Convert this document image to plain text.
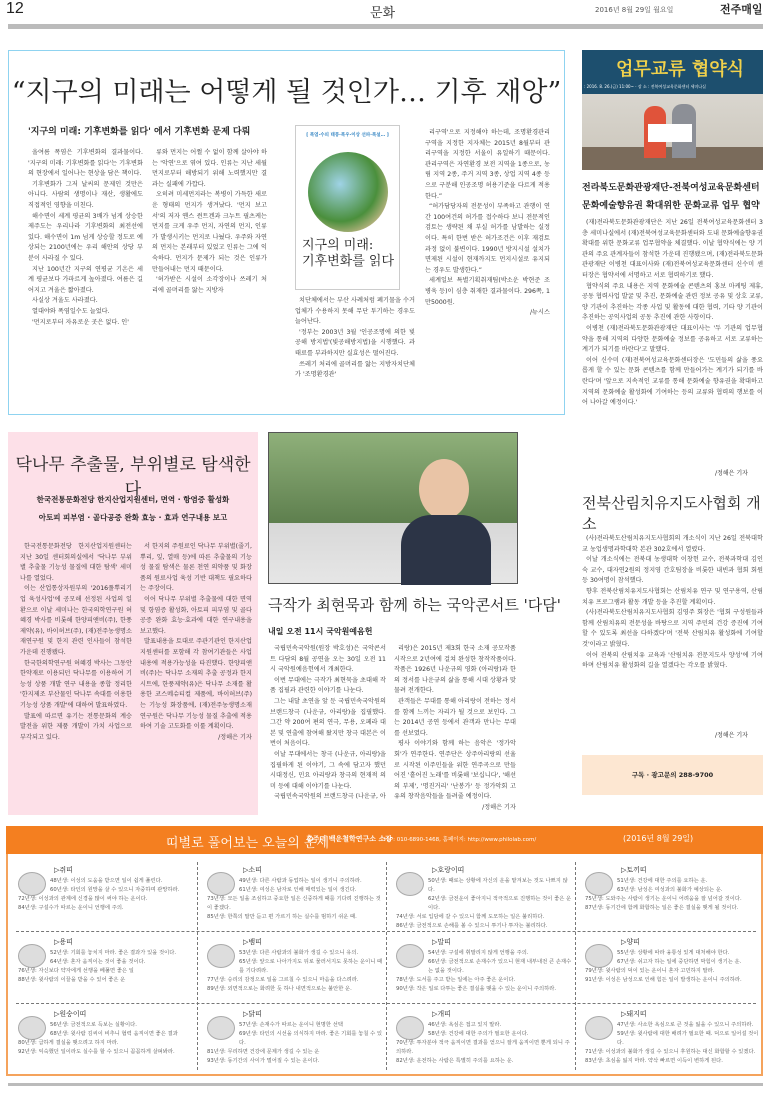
12	문화	2016년 8월 29일 월요일	전주매일
“지구의 미래는 어떻게 될 것인가… 기후 재앙”
'지구의 미래: 기후변화를 읽다' 에서 기후변화 문제 다뤄

올여름 폭염은 기후변화의 결과물이다. '지구의 미래: 기후변화를 읽다'는 기후변화의 현장에서 일어나는 현상을 담은 책이다.

기후변화가 그저 날씨의 문제인 것만은 아니다. 사람의 생명이나 재산, 생활에도 직접적인 영향을 미친다.

해수면이 세계 평균의 3배가 넘게 상승한 제주도는 우리나라 기후변화의 최전선에 있다. 해수면이 1m 넘게 상승할 정도로 예상되는 2100년에는 우리 해안의 상당 부분이 사라질 수 있다.

지난 100년간 지구의 연평균 기온은 세계 평균보다 가파르게 높아졌다. 여름은 길어지고 겨울은 짧아졌다.

사실상 겨울도 사라졌다.

열대야와 폭염일수도 늘었다.

'먼지로부터 자유로운 곳은 없다. 인'

류와 먼지는 어쩔 수 없이 함께 살아야 하는 '악연'으로 엮여 있다. 인류는 지난 세월 먼지로부터 해방되기 위해 노력했지만 결과는 실패에 가깝다.

오히려 미세먼지라는 복병이 가득한 새로운 형태의 먼지가 생겨났다. '먼지 보고서'의 저자 옌스 쥔트겐과 크누트 필츠케는 먼지를 크게 우주 먼지, 자연의 먼지, 인류가 발생시키는 먼지로 나눴다. 우주와 자연의 먼지는 본래부터 있었고 인류는 그에 익숙하다. 먼지가 문제가 되는 것은 인류가 만들어내는 먼지 때문이다.

'허가받은 시설이 소각장이나 쓰레기 처리에 골머리를 앓는 지방자

[ 폭염·수피 태풍·폭우·이상 선파·폭설… ]
지구의 미래:
기후변화를 읽다

치단체에서는 부산 사례처럼 폐기물을 수거 업체가 수용하지 못해 무단 투기하는 경우도 늘어난다.

'정부는 2003년 3월 '인공조명에 의한 빛공해 방지법'(빛공해방지법)을 시행했다. 과태료를 부과하지만 실효성은 떨어진다.

쓰레기 처리에 골머리를 앓는 지방자치단체가 '조명환경관'

리구역'으로 지정해야 하는데, 조명환경관리구역을 지정한 지자체는 2015년 8월부터 관리구역을 지정한 서울이 유일하기 때문이다. 관리구역은 자연환경 보전 지역을 1종으로, 농림 지역 2종, 주거 지역 3종, 상업 지역 4종 등으로 구분해 인공조명 허용기준을 다르게 적용한다.”

“허가담당자의 전문성이 부족하고 관행이 연간 100여건의 허가를 접수하다 보니 전문적인 검토는 생략된 채 부실 허가를 남발하는 실정이다. 특히 한번 받은 허가조건은 이후 재검토 과정 없이 불변이다. 1990년 방지시설 설치가 면제된 시설이 현재까지도 먼지시설로 유지되는 경우도 발생한다.”

세계일보 특별기획취재팀(박소운 박현준 조병욱 등)이 심층 취재한 결과물이다. 296쪽, 1만5000원.

/뉴시스

업무교류 협약식
: 2016. 8. 26.(금) 11:00~ · 장 소 : 전북여성교육문화센터 세미나실
전라북도문화관광재단-전북여성교육문화센터
문화예술향유권 확대위한 문화교류 업무 협약

(재)전라북도문화관광재단은 지난 26일 전북여성교육문화센터 3층 세미나실에서 (재)전북여성교육문화센터와 도내 문화예술향유권 확대를 위한 문화교류 업무협약을 체결했다. 이날 협약식에는 양 기관의 주요 관계자들이 참석한 가운데 진행됐으며, (재)전라북도문화관광재단 이병천 대표이사와 (재)전북여성교육문화센터 신수미 센터장은 협약서에 서명하고 서로 협력하기로 했다.

협약식의 주요 내용은 지역 문화예술 콘텐츠의 홍보 마케팅 제휴, 공동 협력사업 발굴 및 추진, 문화예술 관련 정보 공유 및 상호 교류, 양 기관이 추진하는 각종 사업 및 활동에 대한 협력, 기타 양 기관이 추진하는 공익사업의 공동 추진에 관한 사항이다.

이병천 (재)전라북도문화관광재단 대표이사는 '두 기관의 업무협약을 통해 지역의 다양한 문화예술 정보를 공유하고 서로 교류하는 계기가 되기를 바란다'고 말했다.

이어 신수미 (재)전북여성교육문화센터장은 '도민들의 삶을 풍요롭게 할 수 있는 문화 콘텐츠를 함께 만들어가는 계기가 되기를 바란다'며 '앞으로 지속적인 교류를 통해 문화예술 향유권을 확대하고 지역의 문화예술 활성화에 기여하는 등의 교류와 협력의 행보를 이어 나아갈 예정이다.'

/정해은 기자
전북산림치유지도사협회 개소

(사)전라북도산림치유지도사협회의 개소식이 지난 26일 전북대학교 농업생명과학대학 본관 302호에서 열렸다.

이날 개소식에는 전북대 농생대학 이창헌 교수, 전북과학대 김인숙 교수, 대자연2원의 정지영 간호팀장을 비롯한 내빈과 협회 회원 등 30여명이 참석했다.

향후 전북산림치유지도사협회는 산림치유 연구 및 연구용역, 산림치유 프로그램과 활동 개발 등을 추진할 계획이다.

(사)전라북도산림치유지도사협회 김영주 회장은 '협회 구성원들과 함께 산림치유의 전문성을 바탕으로 지역 주민의 건강 증진에 기여할 수 있도록 최선을 다하겠다'며 '전북 산림치유 활성화에 기여할 것'이라고 밝혔다.

이어 전북의 산림치유 교육과 '산림치유 전문지도사 양성'에 기여하며 산림치유 활성화의 길을 열겠다는 각오를 밝혔다.

/정해은 기자
구독 · 광고문의 288-9700
닥나무 추출물, 부위별로 탐색한다
한국전통문화전당 한지산업지원센터, 면역 · 항염증 활성화
아토피 피부염 · 골다공증 완화 효능 · 효과 연구내용 보고

한국전통문화전당 한지산업지원센터는 지난 30일 센터회의실에서 '닥나무 부위별 추출물 기능성 물질에 대한 탐색' 세미나를 열었다.

이는 산업통상자원부의 '2016풀뿌리기업 육성사업'에 공모해 선정된 사업의 일환으로 이날 세미나는 한국의학연구원 허혜경 박사를 비롯해 한양피앤비(주), 한풍제약(유), 바이허브(주), (재)전주농생명소재연구원 및 한지 관련 인사들이 참석한 가운데 진행됐다.

한국한의학연구원 허혜경 박사는 그동안 한약재로 이용되던 닥나무를 이용하여 기능성 상품 개발 연구 내용을 종합 정리한 '한지제조 부산물인 닥나무 속대를 이용한 기능성 상품 개발'에 대하여 발표하였다.

발표에 따르면 유기는 전통문화의 계승 발전을 위한 제품 개발이 가치 사업으로 부각되고 있다.

서 한지의 주원료인 닥나무 부위별(줄기, 뿌리, 잎, 열매 등)에 따른 추출물의 기능성 물질 탐색은 물론 천연 의약품 및 화장품의 원료사업 육성 기반 대책도 필요하다는 주장이다.

이어 닥나무 부위별 추출물에 대한 면역 및 항염증 활성화, 아토피 피부염 및 골다공증 완화 효능·효과에 대한 연구내용을 보고했다.

발표내용을 토대로 주관기관인 한지산업지원센터를 포함해 각 참여기관들은 사업내용에 적용가능성을 타진했다. 한양피앤비(주)는 닥나무 소재의 추출 공정과 한지 시트에, 한풍제약(유)은 닥나무 소재를 활용한 코스메슈티컬 제품에, 바이허브(주)는 기능성 화장품에, (재)전주농생명소재연구원은 닥나무 기능성 물질 추출에 적용하여 기술 고도화를 이룰 계획이다.

/정해은 기자

극작가 최현묵과 함께 하는 국악콘서트 '다담'
내일 오전 11시 국악원예음헌

국립민속국악원(원장 박호성)은 국악콘서트 다담의 8월 공연을 오는 30일 오전 11시 국악원예음헌에서 개최한다.

이번 무대에는 극작가 최현묵을 초대해 작품 집필과 관련한 이야기를 나눈다.

그는 내달 초연을 앞 둔 국립민속국악원의 브랜드창극 (나운규, 아리랑)을 집필했다. 그간 약 200여 편의 연극, 무용, 오페라 대본 및 연출에 참여해 왔지만 창극 대본은 이번이 처음이다.

이날 무대에서는 창극 (나운규, 아리랑)을 집필하게 된 이야기, 그 속에 담고자 했던 시대정신, 민요 아리랑과 창극의 현재적 의미 등에 대해 이야기를 나눈다.

국립민속국악원의 브랜드창극 (나운규, 아

리랑)은 2015년 제3회 한국 소재 공모작품 시작으로 2년여에 걸쳐 완성한 창작작품이다. 작품은 1926년 나운규의 영화 (아리랑)과 한의 정서를 나운규의 삶을 통해 시대 상황과 맞물려 전개한다.

관객들은 무대를 통해 아리랑이 전하는 정서를 함께 느끼는 자리가 될 것으로 보인다. 그는 2014년 공연 등에서 관객과 만나는 무대를 선보였다.

평사 이야기와 함께 하는 음악은 '정가악회'가 연주한다. 연주단은 상주아리랑의 선율로 시작된 이주민들을 위한 연주곡으로 만들어진 '흩어진 노래'를 비롯해 '보십니다', '해선의 부제', '명진거리' '난봉가' 등 정가악회 고유의 창작음악들을 들려줄 예정이다.

/정해은 기자

띠별로 풀어보는 오늘의 운세
홍주미 백운철학연구소 소장
H.P: 010-6890-1468, 홈페이지: http://www.philolab.com/	(2016년 8월 29일)
▷쥐띠
48년생: 이성의 도움을 받으면 일이 쉽게 풀린다.
60년생: 타인의 원망을 살 수 있으니 자중하며 관망하라.
72년생: 이성과의 관계에 신경을 많이 써야 하는 운이다.
84년생: 구설수가 따르는 운이니 언행에 주의.
▷소띠
49년생: 다른 사람과 동업하는 일이 생기니 주의하라.
61년생: 여성은 남자로 인해 매력있는 일이 생긴다.
73년생: 모든 일을 조심하고 중요한 일은 신중하게 때를 기다려 진행하는 것이 좋겠다.
85년생: 한쪽의 말만 듣고 편 가르기 하는 실수를 범하기 쉬운 때.
▷호랑이띠
50년생: 때로는 상황에 자신의 운을 맡겨보는 것도 나쁘지 않다.
62년생: 금전운이 좋아지니 적극적으로 진행하는 것이 좋은 운이다.
74년생: 서로 입담에 갈 수 있으니 함께 도모하는 일은 불리하다.
86년생: 금전적으로 손해를 볼 수 있으니 투기나 투자는 불리하다.
▷토끼띠
51년생: 건강에 대한 주의를 요하는 운.
63년생: 남성은 여성과의 불화가 예상되는 운.
75년생: 도와주는 사람이 생기는 운이니 어려움을 잘 넘어갈 것이다.
87년생: 동기간에 함께 화합하는 일은 좋은 결실을 맺게 될 것이다.
▷용띠
52년생: 기회를 놓치지 마라. 좋은 결과가 있을 것이다.
64년생: 혼자 움직이는 것이 좋을 것이다.
76년생: 자신보다 약자에게 선행을 베풀면 좋은 일
88년생: 윗사람의 이끌을 받을 수 있어 좋은 운
▷뱀띠
53년생: 다른 사람과의 불화가 생길 수 있으니 유의.
65년생: 앞으로 나아가지도 뒤로 물러서지도 못하는 운이니 때를 기다려라.
77년생: 승리의 감정으로 일을 그르칠 수 있으니 마음을 다스려라.
89년생: 외면적으로는 화려한 듯 하나 내면적으로는 불안한 운.
▷말띠
54년생: 구설에 휘말리지 않게 언행을 주의.
66년생: 금전적으로 손재수가 있으니 현재 내부내전 큰 손재수는 없을 것이다.
78년생: 도서를 주고 받는 일에는 아주 좋은 운이다.
90년생: 작은 일로 다투는 좋은 결실을 맺을 수 있는 운이니 주의하라.
▷양띠
55년생: 상황에 따라 융통성 있게 대처해야 한다.
67년생: 쉬고자 하는 일에 중단하면 막힘이 생기는 운.
79년생: 윗사람의 덕이 있는 운이니 혼자 고민하지 말라.
91년생: 이성은 남성으로 인해 힘든 일이 발생하는 운이니 주의하라.
▷원숭이띠
56년생: 금전적으로 득보는 실황이다.
68년생: 윗사람 김씨이 비추니 협력 움직이면 좋은 결과
80년생: 급하게 결실을 맺으려고 하지 마라.
92년생: 익숙했던 일이라도 실수를 할 수 있으니 꼼꼼하게 살펴봐라.
▷닭띠
57년생: 손재수가 따르는 운이니 현명한 선택
69년생: 타인의 시선을 의식하지 마라. 좋은 기회를 놓칠 수 있다.
81년생: 무리하면 건강에 문제가 생길 수 있는 운
93년생: 동기간의 사이가 멀어질 수 있는 운이다.
▷개띠
46년생: 욕심은 접고 있지 말라.
58년생: 건강에 대한 주의가 필요한 운이다.
70년생: 투자분야 적극 움직이면 결과를 얻으니 잘게 움직이면 뿐게 되니 주의하라.
82년생: 운전하는 사람은 특별히 주의를 요하는 운.
▷돼지띠
47년생: 사소한 욕심으로 큰 것을 잃을 수 있으니 주의하라.
59년생: 윗사람에 대한 배려가 필요한 때. 덕으로 일어설 것이다.
71년생: 이성과의 불화가 생길 수 있으니 후원하는 대신 화합할 수 있겠다.
83년생: 초심을 잃지 마라. 약삭 빠르면 이득이 변하게 된다.
